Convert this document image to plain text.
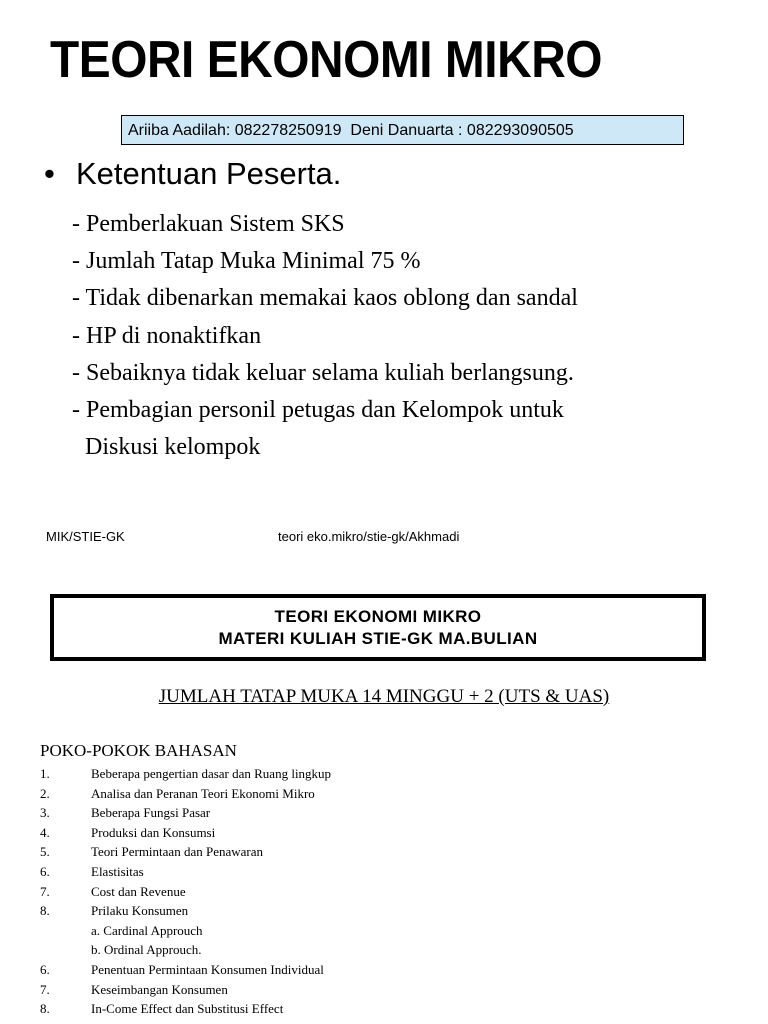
TEORI EKONOMI MIKRO
Ariiba Aadilah: 082278250919  Deni Danuarta : 082293090505
• Ketentuan Peserta.
- Pemberlakuan Sistem SKS
- Jumlah Tatap Muka Minimal 75 %
- Tidak dibenarkan memakai kaos oblong dan sandal
- HP di nonaktifkan
- Sebaiknya tidak keluar selama kuliah berlangsung.
- Pembagian personil petugas dan Kelompok untuk
Diskusi kelompok
MIK/STIE-GK	teori eko.mikro/stie-gk/Akhmadi
TEORI EKONOMI MIKRO
MATERI KULIAH STIE-GK MA.BULIAN
JUMLAH TATAP MUKA 14 MINGGU + 2 (UTS & UAS)
POKO-POKOK BAHASAN
1.	Beberapa pengertian dasar dan Ruang lingkup
2.	Analisa dan Peranan Teori Ekonomi Mikro
3.	Beberapa Fungsi Pasar
4.	Produksi dan Konsumsi
5.	Teori Permintaan dan Penawaran
6.	Elastisitas
7.	Cost dan Revenue
8.	Prilaku Konsumen
a. Cardinal Approuch
b. Ordinal Approuch.
6.	Penentuan Permintaan Konsumen Individual
7.	Keseimbangan Konsumen
8.	In-Come Effect dan Substitusi Effect
